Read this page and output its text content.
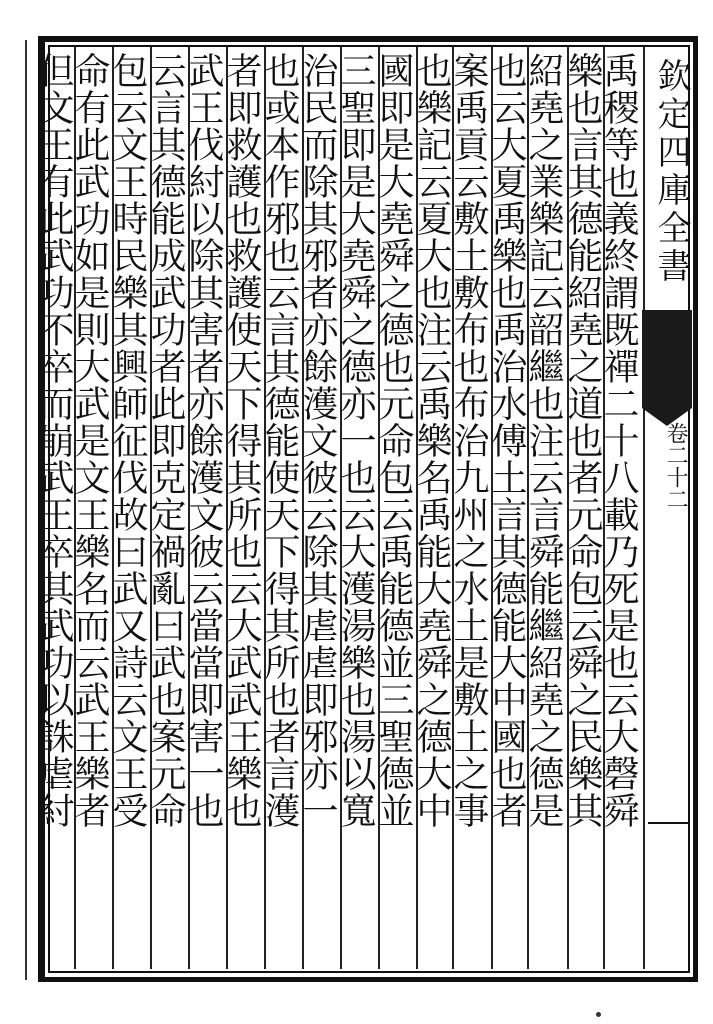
欽定四庫全書
卷二十二
禹稷等也義終謂既禪二十八載乃死是也云大磬舜
樂也言其德能紹堯之道也者元命包云舜之民樂其
紹堯之業樂記云韶繼也注云言舜能繼紹堯之德是
也云大夏禹樂也禹治水傅土言其德能大中國也者
案禹貢云敷土敷布也布治九州之水土是敷土之事
也樂記云夏大也注云禹樂名禹能大堯舜之德大中
國即是大堯舜之德也元命包云禹能德並三聖德並
三聖即是大堯舜之德亦一也云大濩湯樂也湯以寬
治民而除其邪者亦餘濩文彼云除其虐虐即邪亦一
也或本作邪也云言其德能使天下得其所也者言濩
者即救護也救護使天下得其所也云大武武王樂也
武王伐紂以除其害者亦餘濩文彼云當當即害一也
云言其德能成武功者此即克定禍亂曰武也案元命
包云文王時民樂其興師征伐故曰武又詩云文王受
命有此武功如是則大武是文王樂名而云武王樂者
但文王有此武功不卒而崩武王卒其武功以誅虐紂
